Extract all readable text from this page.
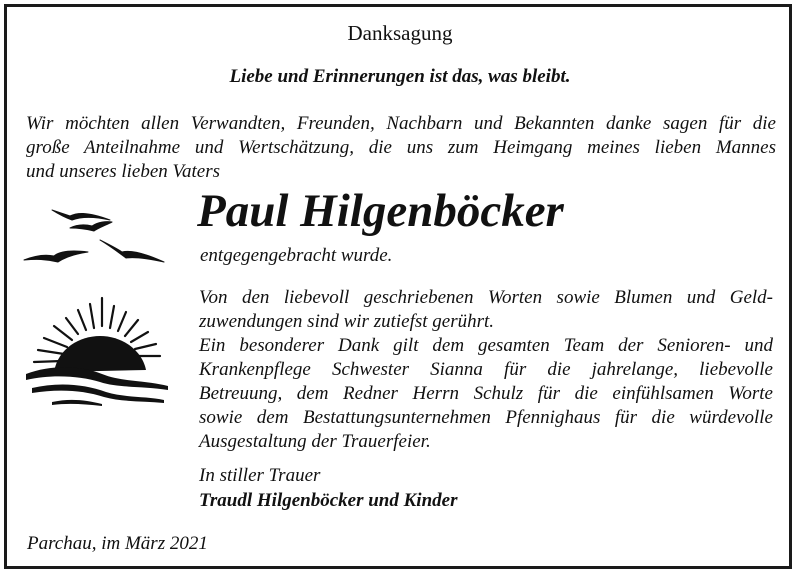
Danksagung
Liebe und Erinnerungen ist das, was bleibt.
Wir möchten allen Verwandten, Freunden, Nachbarn und Bekannten danke sagen für die
große Anteilnahme und Wertschätzung, die uns zum Heimgang meines lieben Mannes
und unseres lieben Vaters
Paul Hilgenböcker
entgegengebracht wurde.
Von den liebevoll geschriebenen Worten sowie Blumen und Geld-
zuwendungen sind wir zutiefst gerührt.
Ein besonderer Dank gilt dem gesamten Team der Senioren- und
Krankenpflege Schwester Sianna für die jahrelange, liebevolle
Betreuung, dem Redner Herrn Schulz für die einfühlsamen Worte
sowie dem Bestattungsunternehmen Pfennighaus für die würdevolle
Ausgestaltung der Trauerfeier.
In stiller Trauer
Traudl Hilgenböcker und Kinder
Parchau, im März 2021
